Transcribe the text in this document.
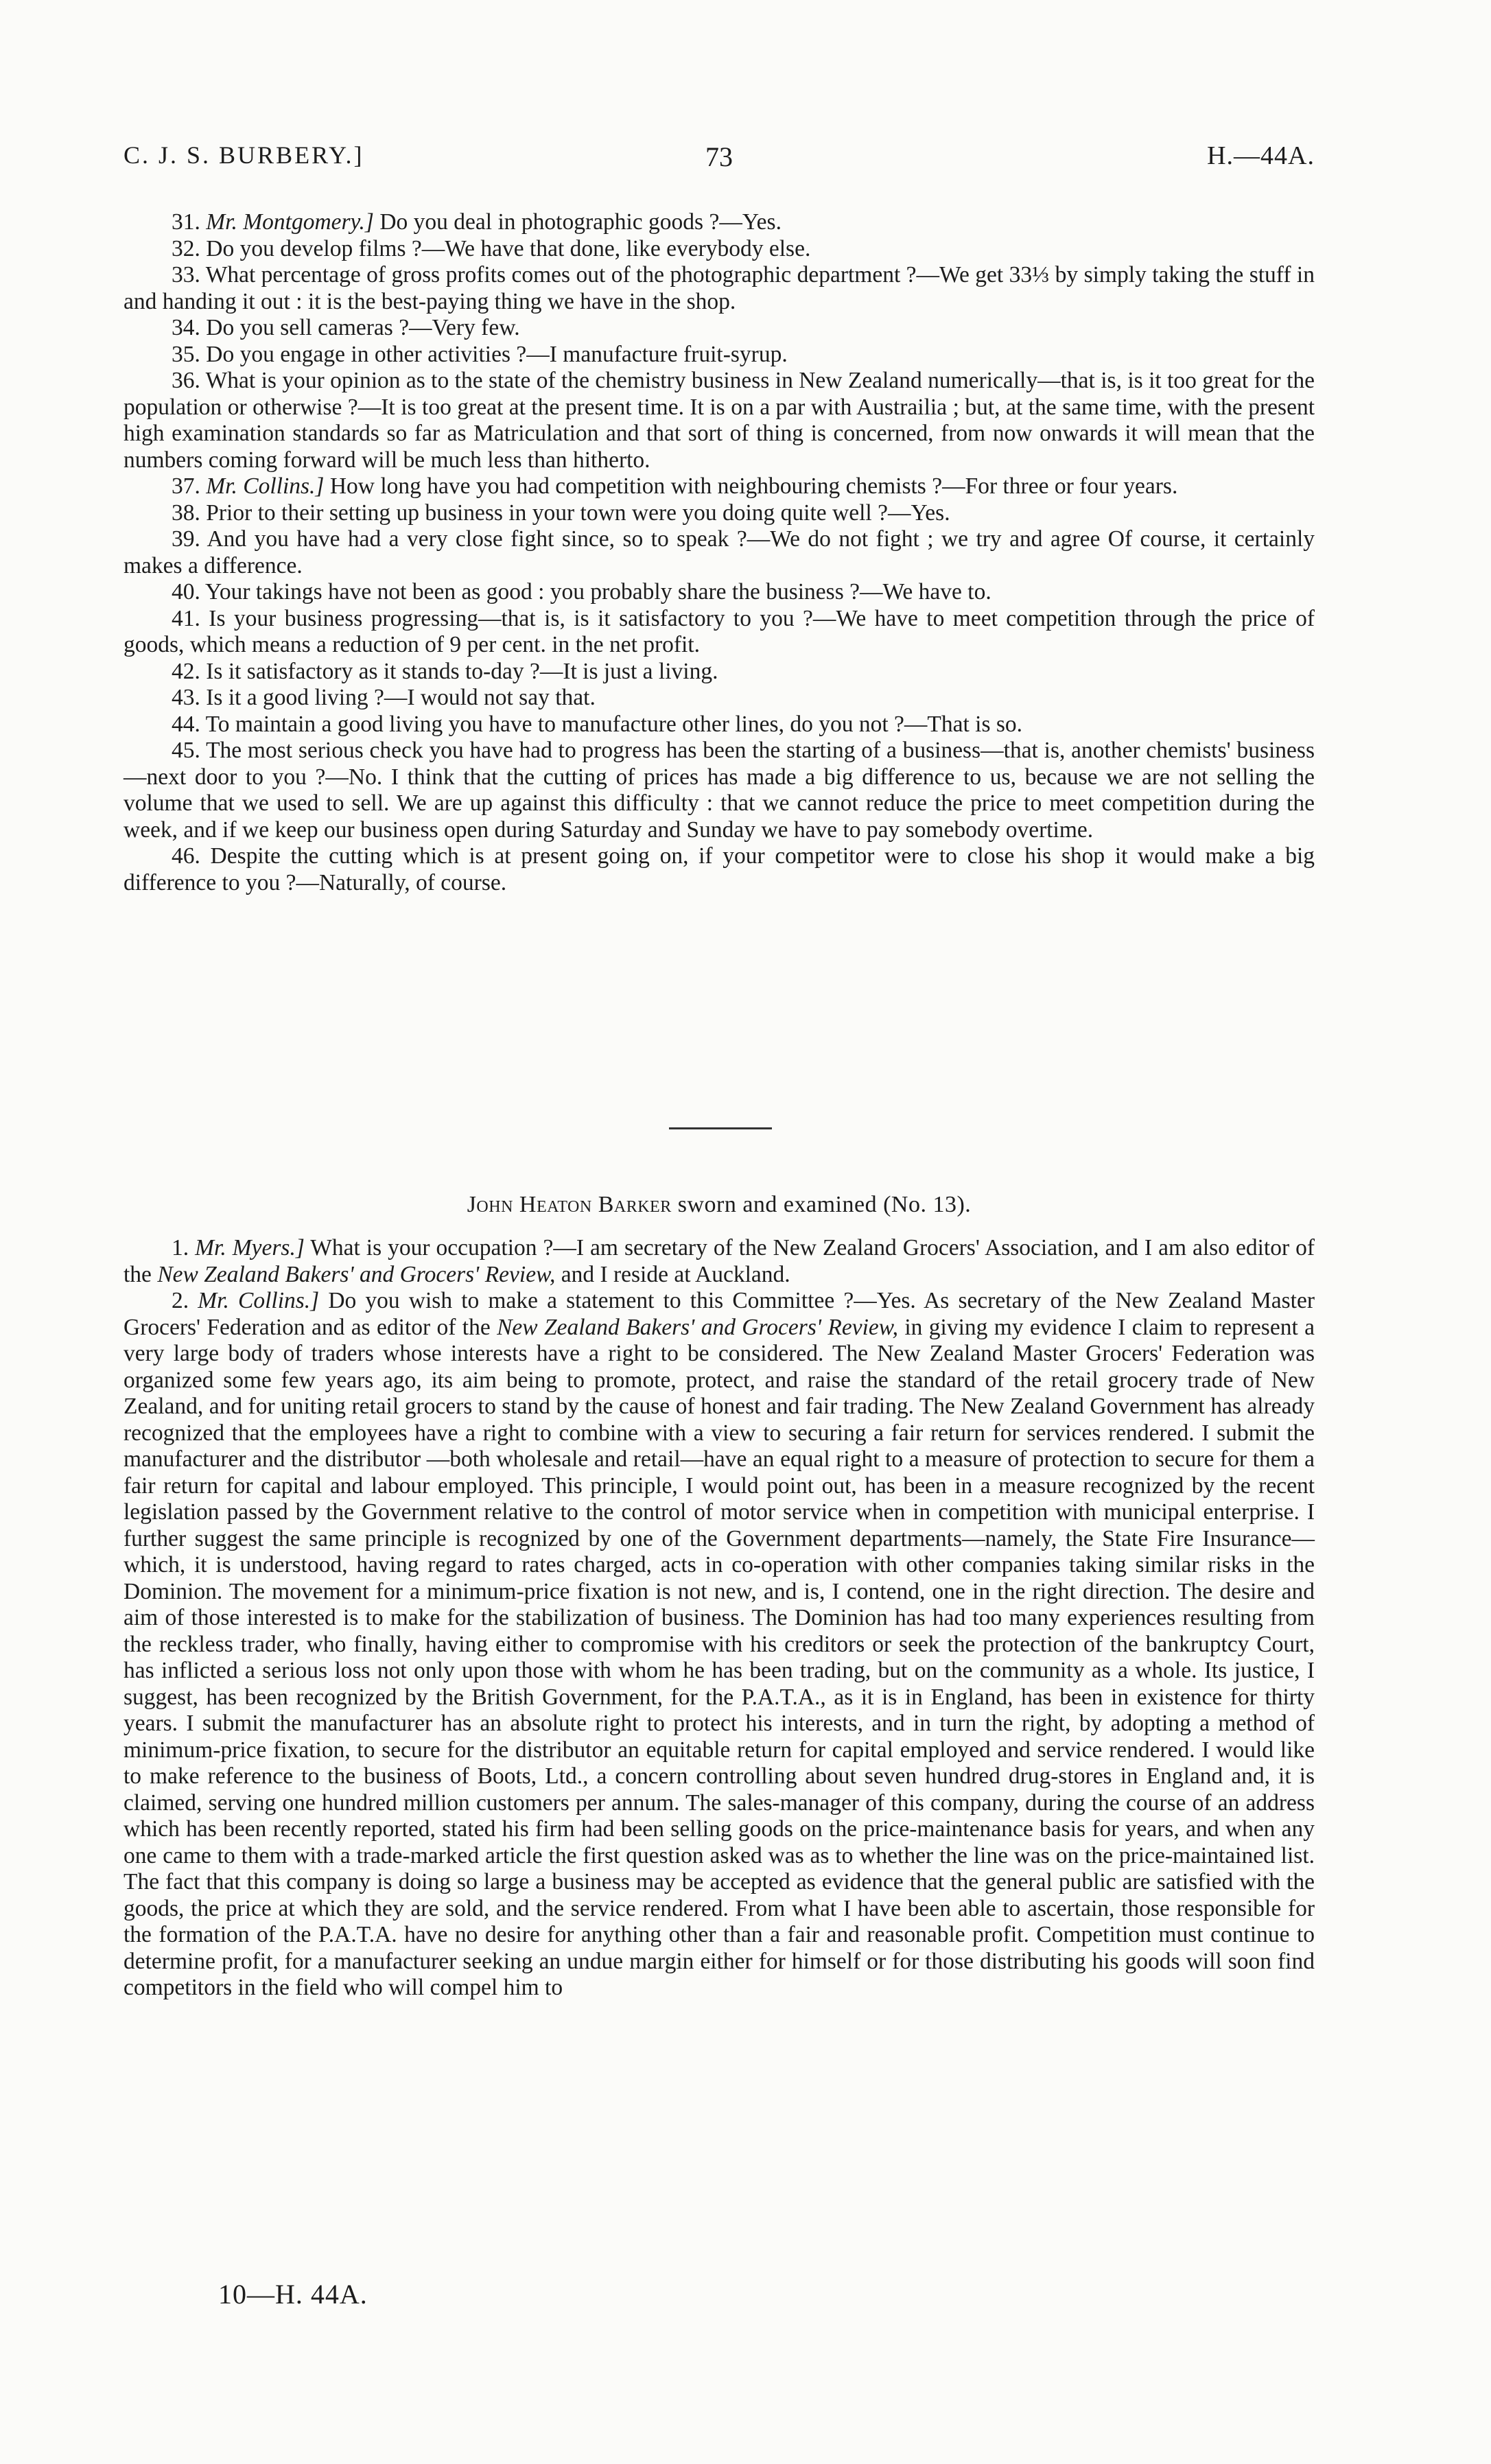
C. J. S. BURBERY.]	73	H.—44A.

31. Mr. Montgomery.] Do you deal in photographic goods ?—Yes.

32. Do you develop films ?—We have that done, like everybody else.

33. What percentage of gross profits comes out of the photographic department ?—We get 33⅓ by simply taking the stuff in and handing it out : it is the best-paying thing we have in the shop.

34. Do you sell cameras ?—Very few.

35. Do you engage in other activities ?—I manufacture fruit-syrup.

36. What is your opinion as to the state of the chemistry business in New Zealand numerically—that is, is it too great for the population or otherwise ?—It is too great at the present time. It is on a par with Austrailia ; but, at the same time, with the present high examination standards so far as Matriculation and that sort of thing is concerned, from now onwards it will mean that the numbers coming forward will be much less than hitherto.

37. Mr. Collins.] How long have you had competition with neighbouring chemists ?—For three or four years.

38. Prior to their setting up business in your town were you doing quite well ?—Yes.

39. And you have had a very close fight since, so to speak ?—We do not fight ; we try and agree Of course, it certainly makes a difference.

40. Your takings have not been as good : you probably share the business ?—We have to.

41. Is your business progressing—that is, is it satisfactory to you ?—We have to meet competition through the price of goods, which means a reduction of 9 per cent. in the net profit.

42. Is it satisfactory as it stands to-day ?—It is just a living.

43. Is it a good living ?—I would not say that.

44. To maintain a good living you have to manufacture other lines, do you not ?—That is so.

45. The most serious check you have had to progress has been the starting of a business—that is, another chemists' business—next door to you ?—No. I think that the cutting of prices has made a big difference to us, because we are not selling the volume that we used to sell. We are up against this difficulty : that we cannot reduce the price to meet competition during the week, and if we keep our business open during Saturday and Sunday we have to pay somebody overtime.

46. Despite the cutting which is at present going on, if your competitor were to close his shop it would make a big difference to you ?—Naturally, of course.

John Heaton Barker sworn and examined (No. 13).

1. Mr. Myers.] What is your occupation ?—I am secretary of the New Zealand Grocers' Association, and I am also editor of the New Zealand Bakers' and Grocers' Review, and I reside at Auckland.

2. Mr. Collins.] Do you wish to make a statement to this Committee ?—Yes. As secretary of the New Zealand Master Grocers' Federation and as editor of the New Zealand Bakers' and Grocers' Review, in giving my evidence I claim to represent a very large body of traders whose interests have a right to be considered. The New Zealand Master Grocers' Federation was organized some few years ago, its aim being to promote, protect, and raise the standard of the retail grocery trade of New Zealand, and for uniting retail grocers to stand by the cause of honest and fair trading. The New Zealand Government has already recognized that the employees have a right to combine with a view to securing a fair return for services rendered. I submit the manufacturer and the distributor —both wholesale and retail—have an equal right to a measure of protection to secure for them a fair return for capital and labour employed. This principle, I would point out, has been in a measure recognized by the recent legislation passed by the Government relative to the control of motor service when in competition with municipal enterprise. I further suggest the same principle is recognized by one of the Government departments—namely, the State Fire Insurance—which, it is understood, having regard to rates charged, acts in co-operation with other companies taking similar risks in the Dominion. The movement for a minimum-price fixation is not new, and is, I contend, one in the right direction. The desire and aim of those interested is to make for the stabilization of business. The Dominion has had too many experiences resulting from the reckless trader, who finally, having either to compromise with his creditors or seek the protection of the bankruptcy Court, has inflicted a serious loss not only upon those with whom he has been trading, but on the community as a whole. Its justice, I suggest, has been recognized by the British Government, for the P.A.T.A., as it is in England, has been in existence for thirty years. I submit the manufacturer has an absolute right to protect his interests, and in turn the right, by adopting a method of minimum-price fixation, to secure for the distributor an equitable return for capital employed and service rendered. I would like to make reference to the business of Boots, Ltd., a concern controlling about seven hundred drug-stores in England and, it is claimed, serving one hundred million customers per annum. The sales-manager of this company, during the course of an address which has been recently reported, stated his firm had been selling goods on the price-maintenance basis for years, and when any one came to them with a trade-marked article the first question asked was as to whether the line was on the price-maintained list. The fact that this company is doing so large a business may be accepted as evidence that the general public are satisfied with the goods, the price at which they are sold, and the service rendered. From what I have been able to ascertain, those responsible for the formation of the P.A.T.A. have no desire for anything other than a fair and reasonable profit. Competition must continue to determine profit, for a manufacturer seeking an undue margin either for himself or for those distributing his goods will soon find competitors in the field who will compel him to

10—H. 44A.
